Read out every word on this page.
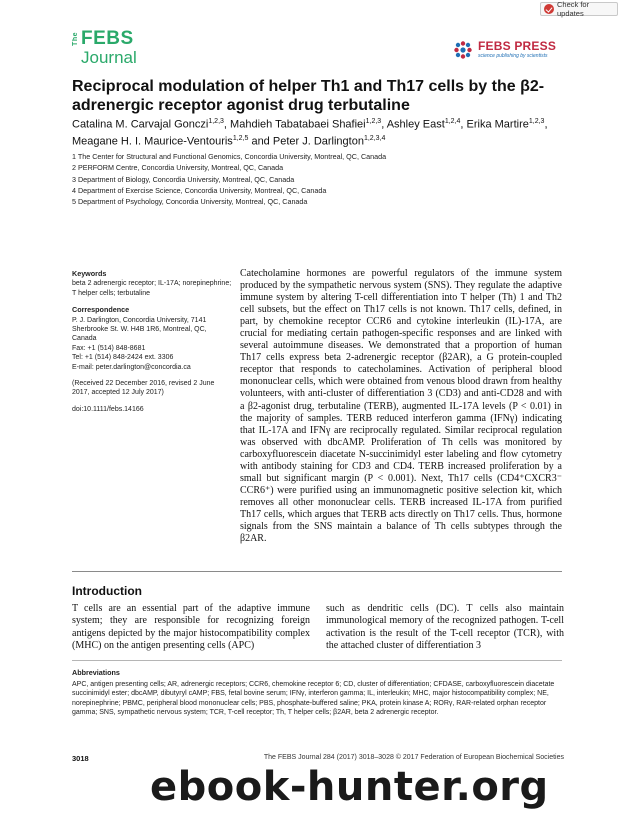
Check for updates
The FEBS
Journal
FEBS PRESS
science publishing by scientists
Reciprocal modulation of helper Th1 and Th17 cells by the β2-adrenergic receptor agonist drug terbutaline
Catalina M. Carvajal Gonczi$^{1,2,3}$, Mahdieh Tabatabaei Shafiei$^{1,2,3}$, Ashley East$^{1,2,4}$, Erika Martire$^{1,2,3}$, Meagane H. I. Maurice-Ventouris$^{1,2,5}$ and Peter J. Darlington$^{1,2,3,4}$
1 The Center for Structural and Functional Genomics, Concordia University, Montreal, QC, Canada
2 PERFORM Centre, Concordia University, Montreal, QC, Canada
3 Department of Biology, Concordia University, Montreal, QC, Canada
4 Department of Exercise Science, Concordia University, Montreal, QC, Canada
5 Department of Psychology, Concordia University, Montreal, QC, Canada
Keywords
beta 2 adrenergic receptor; IL-17A; norepinephrine; T helper cells; terbutaline
Correspondence
P. J. Darlington, Concordia University, 7141 Sherbrooke St. W. H4B 1R6, Montreal, QC, Canada
Fax: +1 (514) 848-8681
Tel: +1 (514) 848-2424 ext. 3306
E-mail: peter.darlington@concordia.ca
(Received 22 December 2016, revised 2 June 2017, accepted 12 July 2017)
doi:10.1111/febs.14166
Catecholamine hormones are powerful regulators of the immune system produced by the sympathetic nervous system (SNS). They regulate the adaptive immune system by altering T-cell differentiation into T helper (Th) 1 and Th2 cell subsets, but the effect on Th17 cells is not known. Th17 cells, defined, in part, by chemokine receptor CCR6 and cytokine interleukin (IL)-17A, are crucial for mediating certain pathogen-specific responses and are linked with several autoimmune diseases. We demonstrated that a proportion of human Th17 cells express beta 2-adrenergic receptor (β2AR), a G protein-coupled receptor that responds to catecholamines. Activation of peripheral blood mononuclear cells, which were obtained from venous blood drawn from healthy volunteers, with anti-cluster of differentiation 3 (CD3) and anti-CD28 and with a β2-agonist drug, terbutaline (TERB), augmented IL-17A levels (P < 0.01) in the majority of samples. TERB reduced interferon gamma (IFNγ) indicating that IL-17A and IFNγ are reciprocally regulated. Similar reciprocal regulation was observed with dbcAMP. Proliferation of Th cells was monitored by carboxyfluorescein diacetate N-succinimidyl ester labeling and flow cytometry with antibody staining for CD3 and CD4. TERB increased proliferation by a small but significant margin (P < 0.001). Next, Th17 cells (CD4⁺CXCR3⁻ CCR6⁺) were purified using an immunomagnetic positive selection kit, which removes all other mononuclear cells. TERB increased IL-17A from purified Th17 cells, which argues that TERB acts directly on Th17 cells. Thus, hormone signals from the SNS maintain a balance of Th cells subtypes through the β2AR.
Introduction
T cells are an essential part of the adaptive immune system; they are responsible for recognizing foreign antigens depicted by the major histocompatibility complex (MHC) on the antigen presenting cells (APC)
such as dendritic cells (DC). T cells also maintain immunological memory of the recognized pathogen. T-cell activation is the result of the T-cell receptor (TCR), with the attached cluster of differentiation 3
Abbreviations
APC, antigen presenting cells; AR, adrenergic receptors; CCR6, chemokine receptor 6; CD, cluster of differentiation; CFDASE, carboxyfluorescein diacetate succinimidyl ester; dbcAMP, dibutyryl cAMP; FBS, fetal bovine serum; IFNγ, interferon gamma; IL, interleukin; MHC, major histocompatibility complex; NE, norepinephrine; PBMC, peripheral blood mononuclear cells; PBS, phosphate-buffered saline; PKA, protein kinase A; RORγ, RAR-related orphan receptor gamma; SNS, sympathetic nervous system; TCR, T-cell receptor; Th, T helper cells; β2AR, beta 2 adrenergic receptor.
3018	The FEBS Journal 284 (2017) 3018–3028 © 2017 Federation of European Biochemical Societies
ebook-hunter.org
